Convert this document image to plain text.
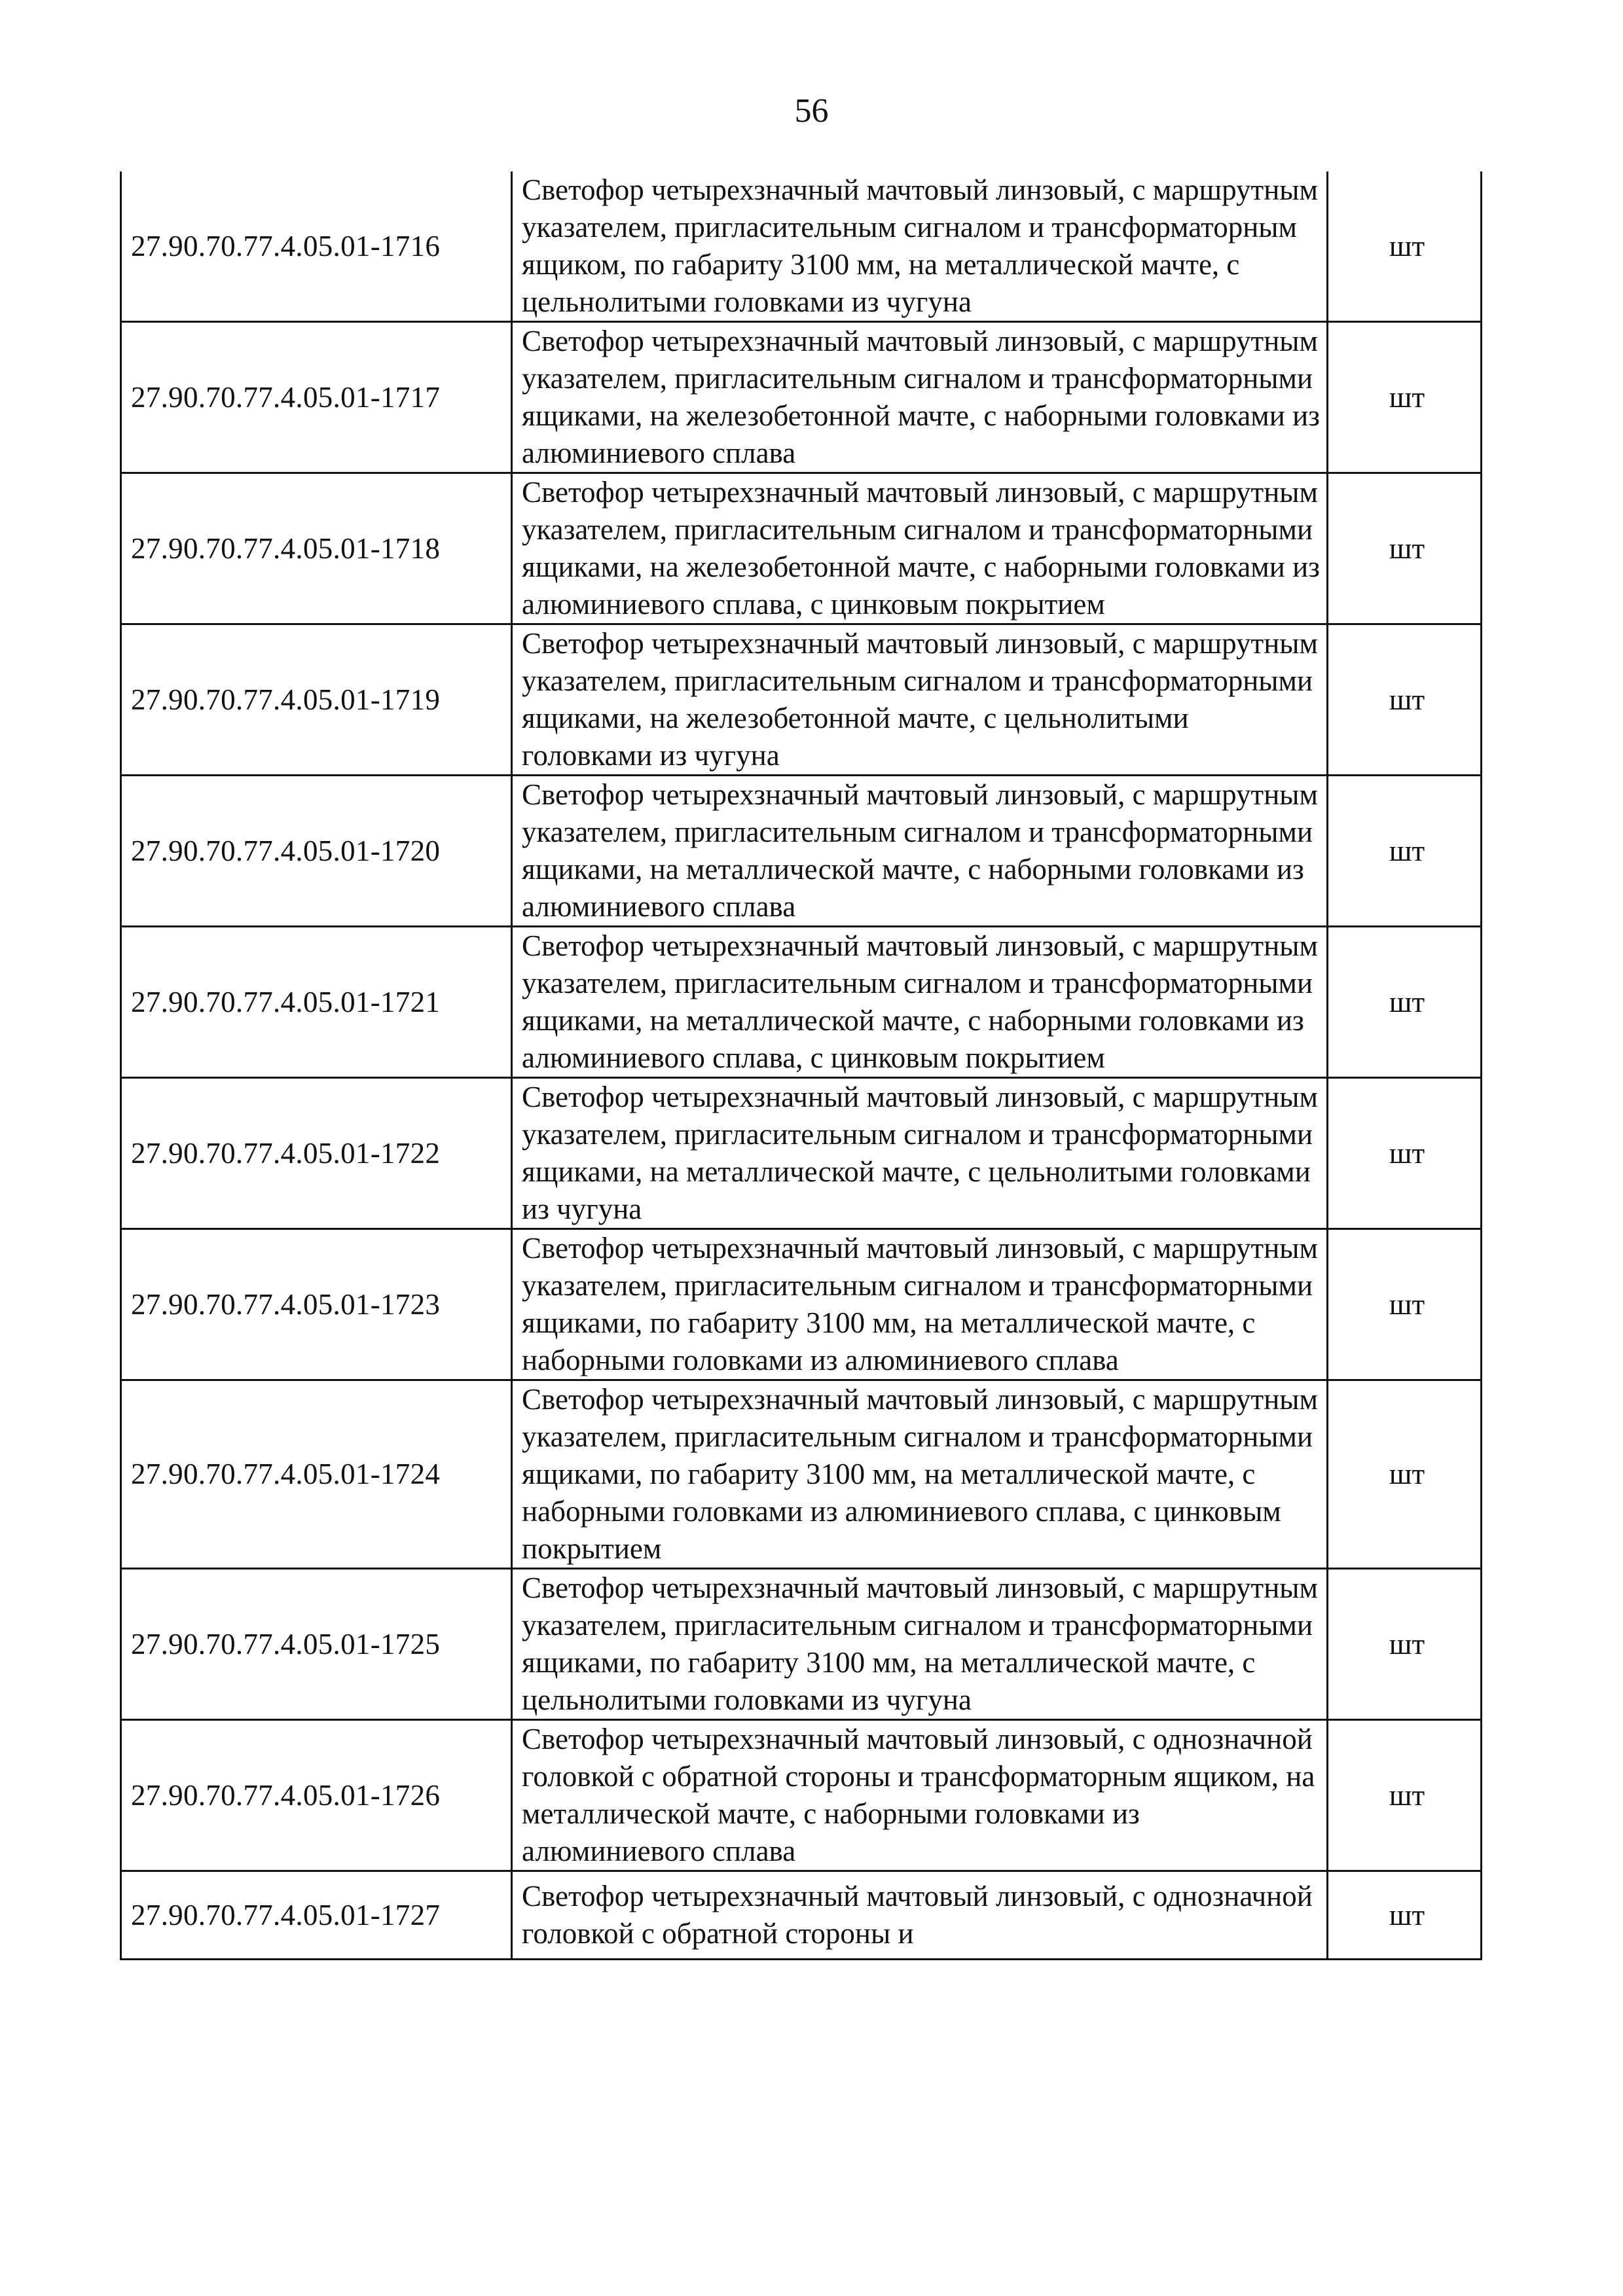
56
27.90.70.77.4.05.01-1716	Светофор четырехзначный мачтовый линзовый, с маршрутным указателем, пригласительным сигналом и трансформаторным ящиком, по габариту 3100 мм, на металлической мачте, с цельнолитыми головками из чугуна	шт
27.90.70.77.4.05.01-1717	Светофор четырехзначный мачтовый линзовый, с маршрутным указателем, пригласительным сигналом и трансформаторными ящиками, на железобетонной мачте, с наборными головками из алюминиевого сплава	шт
27.90.70.77.4.05.01-1718	Светофор четырехзначный мачтовый линзовый, с маршрутным указателем, пригласительным сигналом и трансформаторными ящиками, на железобетонной мачте, с наборными головками из алюминиевого сплава, с цинковым покрытием	шт
27.90.70.77.4.05.01-1719	Светофор четырехзначный мачтовый линзовый, с маршрутным указателем, пригласительным сигналом и трансформаторными ящиками, на железобетонной мачте, с цельнолитыми головками из чугуна	шт
27.90.70.77.4.05.01-1720	Светофор четырехзначный мачтовый линзовый, с маршрутным указателем, пригласительным сигналом и трансформаторными ящиками, на металлической мачте, с наборными головками из алюминиевого сплава	шт
27.90.70.77.4.05.01-1721	Светофор четырехзначный мачтовый линзовый, с маршрутным указателем, пригласительным сигналом и трансформаторными ящиками, на металлической мачте, с наборными головками из алюминиевого сплава, с цинковым покрытием	шт
27.90.70.77.4.05.01-1722	Светофор четырехзначный мачтовый линзовый, с маршрутным указателем, пригласительным сигналом и трансформаторными ящиками, на металлической мачте, с цельнолитыми головками из чугуна	шт
27.90.70.77.4.05.01-1723	Светофор четырехзначный мачтовый линзовый, с маршрутным указателем, пригласительным сигналом и трансформаторными ящиками, по габариту 3100 мм, на металлической мачте, с наборными головками из алюминиевого сплава	шт
27.90.70.77.4.05.01-1724	Светофор четырехзначный мачтовый линзовый, с маршрутным указателем, пригласительным сигналом и трансформаторными ящиками, по габариту 3100 мм, на металлической мачте, с наборными головками из алюминиевого сплава, с цинковым покрытием	шт
27.90.70.77.4.05.01-1725	Светофор четырехзначный мачтовый линзовый, с маршрутным указателем, пригласительным сигналом и трансформаторными ящиками, по габариту 3100 мм, на металлической мачте, с цельнолитыми головками из чугуна	шт
27.90.70.77.4.05.01-1726	Светофор четырехзначный мачтовый линзовый, с однозначной головкой с обратной стороны и трансформаторным ящиком, на металлической мачте, с наборными головками из алюминиевого сплава	шт
27.90.70.77.4.05.01-1727	Светофор четырехзначный мачтовый линзовый, с однозначной головкой с обратной стороны и	шт
